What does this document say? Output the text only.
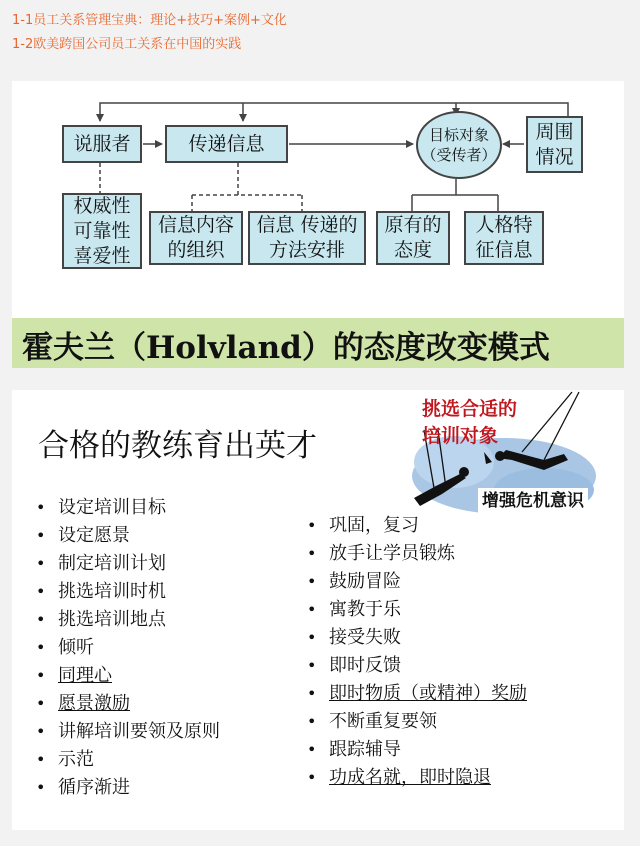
1-1员工关系管理宝典：理论+技巧+案例+文化
1-2欧美跨国公司员工关系在中国的实践
说服者	传递信息	目标对象
（受传者）
周围
情况
权威性
可靠性
喜爱性
信息内容
的组织
信息 传递的
方法安排
原有的
态度
人格特
征信息
霍夫兰（Holvland）的态度改变模式
挑选合适的
培训对象
增强危机意识
合格的教练育出英才
• 设定培训目标
• 设定愿景
• 制定培训计划
• 挑选培训时机
• 挑选培训地点
• 倾听
• 同理心
• 愿景激励
• 讲解培训要领及原则
• 示范
• 循序渐进
• 巩固，复习
• 放手让学员锻炼
• 鼓励冒险
• 寓教于乐
• 接受失败
• 即时反馈
• 即时物质（或精神）奖励
• 不断重复要领
• 跟踪辅导
• 功成名就，即时隐退
